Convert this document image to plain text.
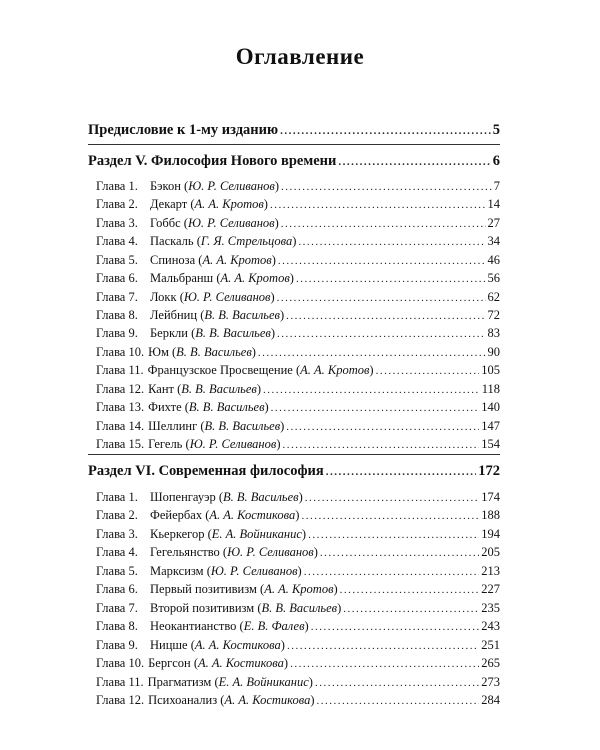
Оглавление
Предисловие к 1-му изданию .....	5
Раздел V. Философия Нового времени .....	6
Глава 1. Бэкон (Ю. Р. Селиванов) .....	7
Глава 2. Декарт (А. А. Кротов) .....	14
Глава 3. Гоббс (Ю. Р. Селиванов) .....	27
Глава 4. Паскаль (Г. Я. Стрельцова) .....	34
Глава 5. Спиноза (А. А. Кротов) .....	46
Глава 6. Мальбранш (А. А. Кротов) .....	56
Глава 7. Локк (Ю. Р. Селиванов) .....	62
Глава 8. Лейбниц (В. В. Васильев) .....	72
Глава 9. Беркли (В. В. Васильев) .....	83
Глава 10. Юм (В. В. Васильев) .....	90
Глава 11. Французское Просвещение (А. А. Кротов) .....	105
Глава 12. Кант (В. В. Васильев) .....	118
Глава 13. Фихте (В. В. Васильев) .....	140
Глава 14. Шеллинг (В. В. Васильев) .....	147
Глава 15. Гегель (Ю. Р. Селиванов) .....	154
Раздел VI. Современная философия .....	172
Глава 1. Шопенгауэр (В. В. Васильев) .....	174
Глава 2. Фейербах (А. А. Костикова) .....	188
Глава 3. Кьеркегор (Е. А. Войниканис) .....	194
Глава 4. Гегельянство (Ю. Р. Селиванов) .....	205
Глава 5. Марксизм (Ю. Р. Селиванов) .....	213
Глава 6. Первый позитивизм (А. А. Кротов) .....	227
Глава 7. Второй позитивизм (В. В. Васильев) .....	235
Глава 8. Неокантианство (Е. В. Фалев) .....	243
Глава 9. Ницше (А. А. Костикова) .....	251
Глава 10. Бергсон (А. А. Костикова) .....	265
Глава 11. Прагматизм (Е. А. Войниканис) .....	273
Глава 12. Психоанализ (А. А. Костикова) .....	284
